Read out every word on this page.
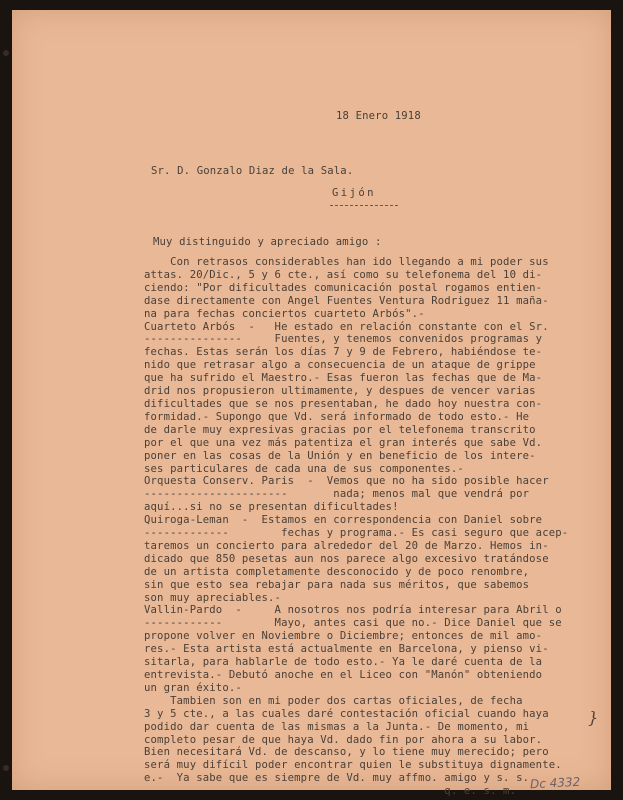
18 Enero 1918

Sr. D. Gonzalo Diaz de la Sala.

Gijón

Muy distinguido y apreciado amigo :

Con retrasos considerables han ido llegando a mi poder sus
attas. 20/Dic., 5 y 6 cte., así como su telefonema del 10 di-
ciendo: "Por dificultades comunicación postal rogamos entien-
dase directamente con Angel Fuentes Ventura Rodriguez 11 maña-
na para fechas conciertos cuarteto Arbós".-
Cuarteto Arbós  -   He estado en relación constante con el Sr.
---------------     Fuentes, y tenemos convenidos programas y
fechas. Estas serán los días 7 y 9 de Febrero, habiéndose te-
nido que retrasar algo a consecuencia de un ataque de grippe
que ha sufrido el Maestro.- Esas fueron las fechas que de Ma-
drid nos propusieron ultimamente, y despues de vencer varias
dificultades que se nos presentaban, he dado hoy nuestra con-
formidad.- Supongo que Vd. será informado de todo esto.- He
de darle muy expresivas gracias por el telefonema transcrito
por el que una vez más patentiza el gran interés que sabe Vd.
poner en las cosas de la Unión y en beneficio de los intere-
ses particulares de cada una de sus componentes.-
Orquesta Conserv. Paris  -  Vemos que no ha sido posible hacer
----------------------       nada; menos mal que vendrá por
aquí...si no se presentan dificultades!
Quiroga-Leman  -  Estamos en correspondencia con Daniel sobre
-------------        fechas y programa.- Es casi seguro que acep-
taremos un concierto para alrededor del 20 de Marzo. Hemos in-
dicado que 850 pesetas aun nos parece algo excesivo tratándose
de un artista completamente desconocido y de poco renombre,
sin que esto sea rebajar para nada sus méritos, que sabemos
son muy apreciables.-
Vallin-Pardo  -     A nosotros nos podría interesar para Abril o
------------        Mayo, antes casi que no.- Dice Daniel que se
propone volver en Noviembre o Diciembre; entonces de mil amo-
res.- Esta artista está actualmente en Barcelona, y pienso vi-
sitarla, para hablarle de todo esto.- Ya le daré cuenta de la
entrevista.- Debutó anoche en el Liceo con "Manón" obteniendo
un gran éxito.-
Tambien son en mi poder dos cartas oficiales, de fecha
3 y 5 cte., a las cuales daré contestación oficial cuando haya
podido dar cuenta de las mismas a la Junta.- De momento, mi
completo pesar de que haya Vd. dado fin por ahora a su labor.
Bien necesitará Vd. de descanso, y lo tiene muy merecido; pero
será muy difícil poder encontrar quien le substituya dignamente.
e.-  Ya sabe que es siempre de Vd. muy affmo. amigo y s. s.
q. e. s. m.
}
Dc 4332
